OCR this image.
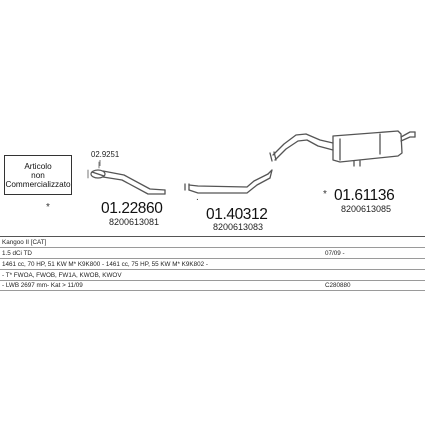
Articolo
non
Commercializzato
02.9251
*	01.22860
8200613081
.
01.40312
8200613083
* 01.61136
8200613085
Kangoo II [CAT]
1.5 dCi TD	07/09 -
1461 cc, 70 HP, 51 KW M* K9K800 - 1461 cc, 75 HP, 55 KW M* K9K802 -
- T* FWOA, FWOB, FW1A, KWOB, KWOV
- LWB 2697 mm- Kat > 11/09	C280880
